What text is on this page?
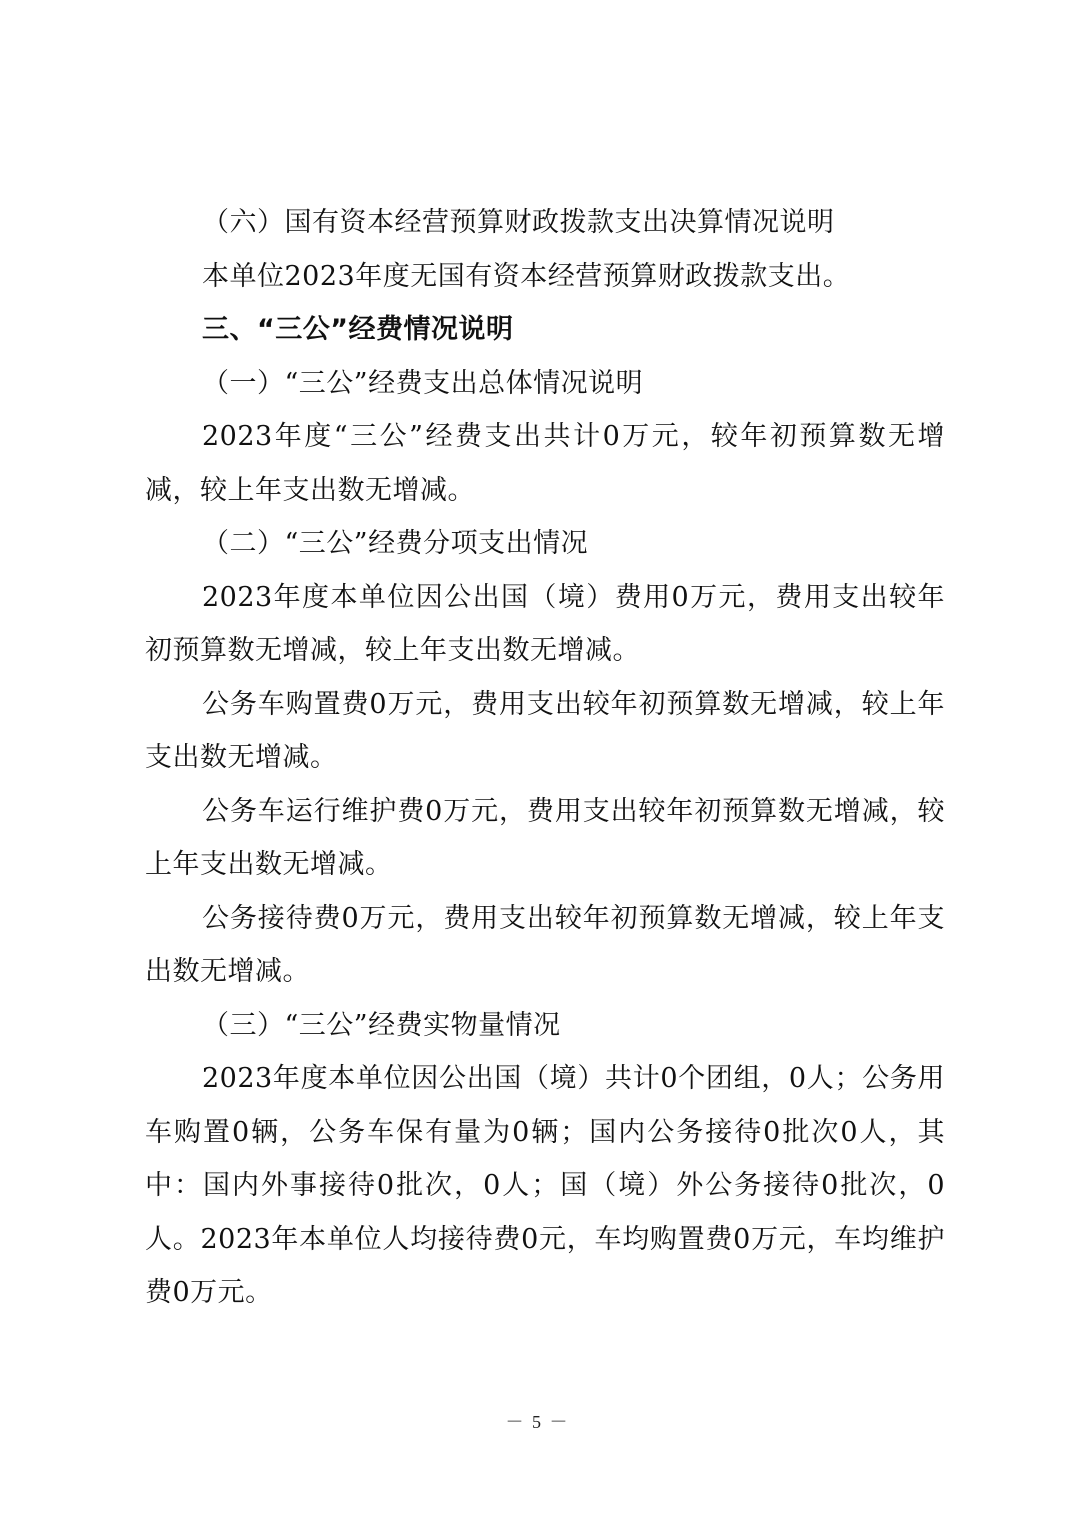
（六）国有资本经营预算财政拨款支出决算情况说明

本单位2023年度无国有资本经营预算财政拨款支出。

三、“三公”经费情况说明

（一）“三公”经费支出总体情况说明

2023年度“三公”经费支出共计0万元，较年初预算数无增减，较上年支出数无增减。

（二）“三公”经费分项支出情况

2023年度本单位因公出国（境）费用0万元，费用支出较年初预算数无增减，较上年支出数无增减。

公务车购置费0万元，费用支出较年初预算数无增减，较上年支出数无增减。

公务车运行维护费0万元，费用支出较年初预算数无增减，较上年支出数无增减。

公务接待费0万元，费用支出较年初预算数无增减，较上年支出数无增减。

（三）“三公”经费实物量情况

2023年度本单位因公出国（境）共计0个团组，0人；公务用车购置0辆，公务车保有量为0辆；国内公务接待0批次0人，其中：国内外事接待0批次，0人；国（境）外公务接待0批次，0人。2023年本单位人均接待费0元，车均购置费0万元，车均维护费0万元。

－ 5 －
